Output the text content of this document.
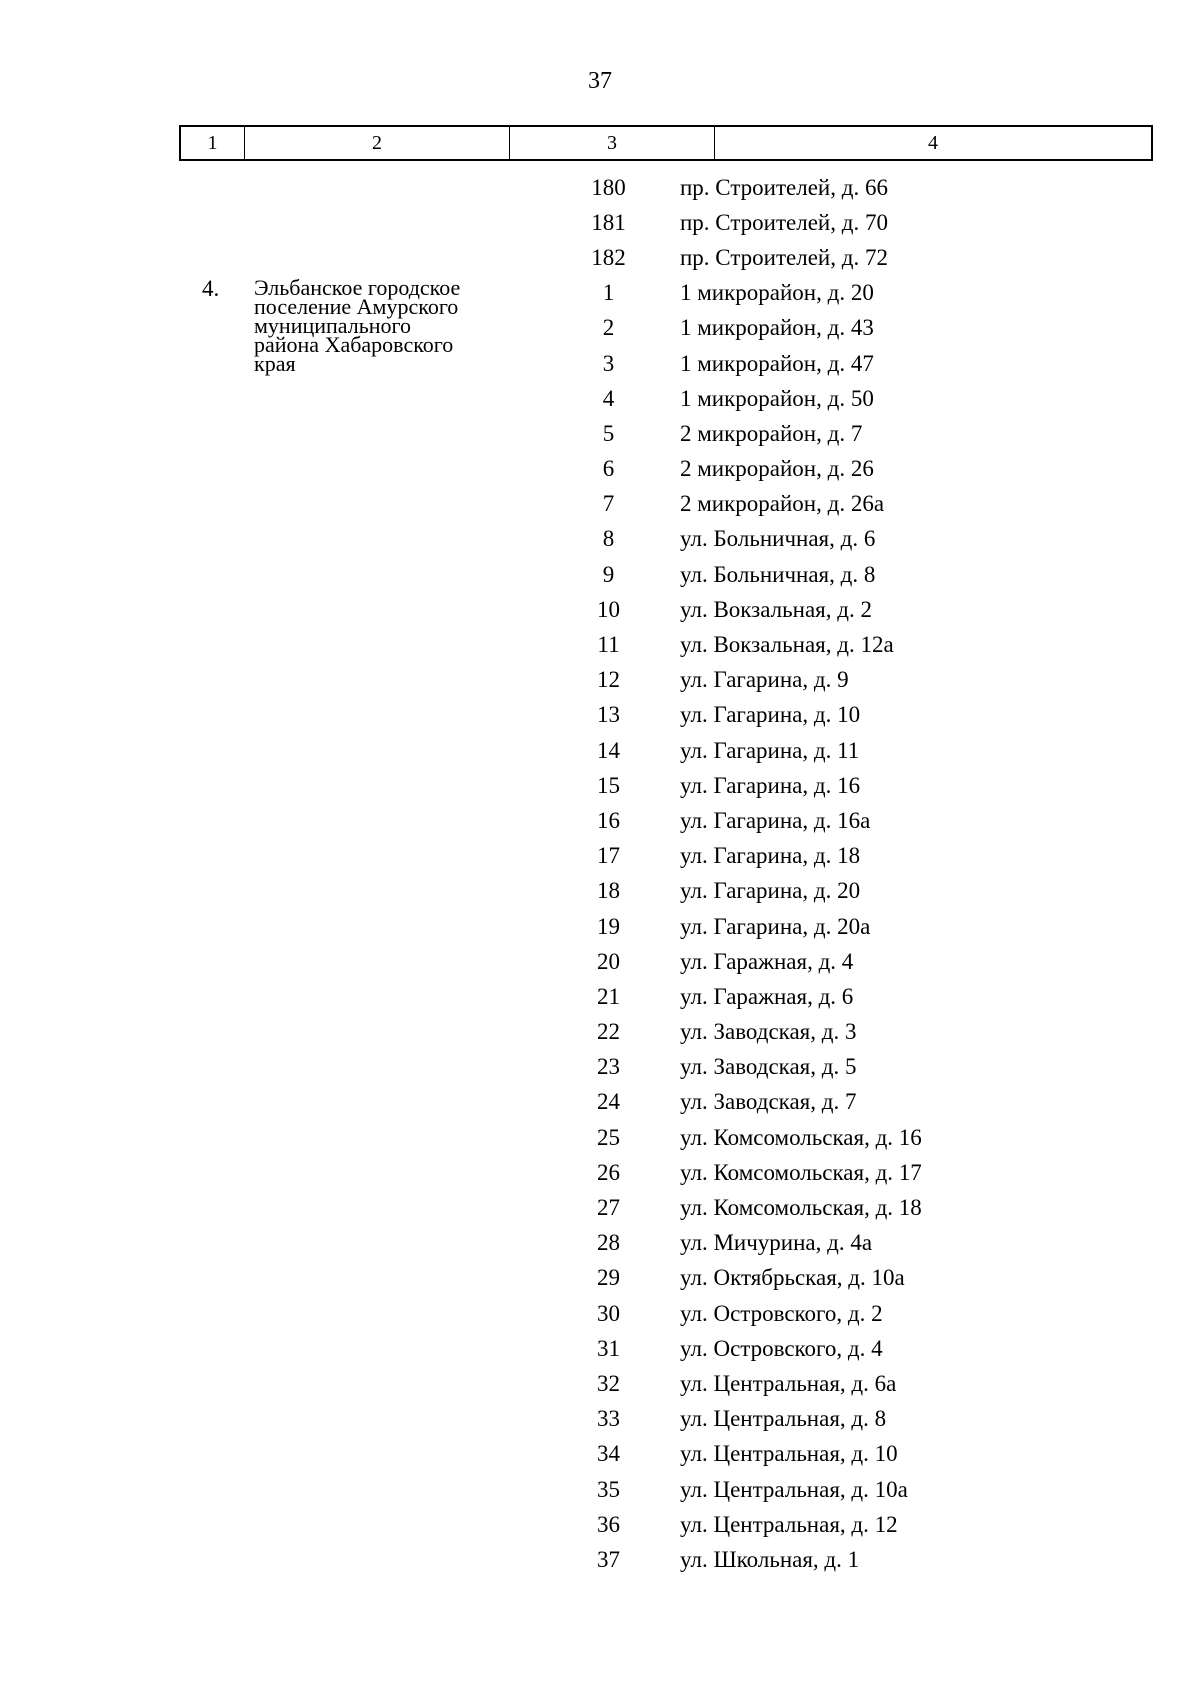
37
1	2	3	4
4. Эльбанское городское
поселение Амурского
муниципального
района Хабаровского
края
180	пр. Строителей, д. 66
181	пр. Строителей, д. 70
182	пр. Строителей, д. 72
1	1 микрорайон, д. 20
2	1 микрорайон, д. 43
3	1 микрорайон, д. 47
4	1 микрорайон, д. 50
5	2 микрорайон, д. 7
6	2 микрорайон, д. 26
7	2 микрорайон, д. 26а
8	ул. Больничная, д. 6
9	ул. Больничная, д. 8
10	ул. Вокзальная, д. 2
11	ул. Вокзальная, д. 12а
12	ул. Гагарина, д. 9
13	ул. Гагарина, д. 10
14	ул. Гагарина, д. 11
15	ул. Гагарина, д. 16
16	ул. Гагарина, д. 16а
17	ул. Гагарина, д. 18
18	ул. Гагарина, д. 20
19	ул. Гагарина, д. 20а
20	ул. Гаражная, д. 4
21	ул. Гаражная, д. 6
22	ул. Заводская, д. 3
23	ул. Заводская, д. 5
24	ул. Заводская, д. 7
25	ул. Комсомольская, д. 16
26	ул. Комсомольская, д. 17
27	ул. Комсомольская, д. 18
28	ул. Мичурина, д. 4а
29	ул. Октябрьская, д. 10а
30	ул. Островского, д. 2
31	ул. Островского, д. 4
32	ул. Центральная, д. 6а
33	ул. Центральная, д. 8
34	ул. Центральная, д. 10
35	ул. Центральная, д. 10а
36	ул. Центральная, д. 12
37	ул. Школьная, д. 1
